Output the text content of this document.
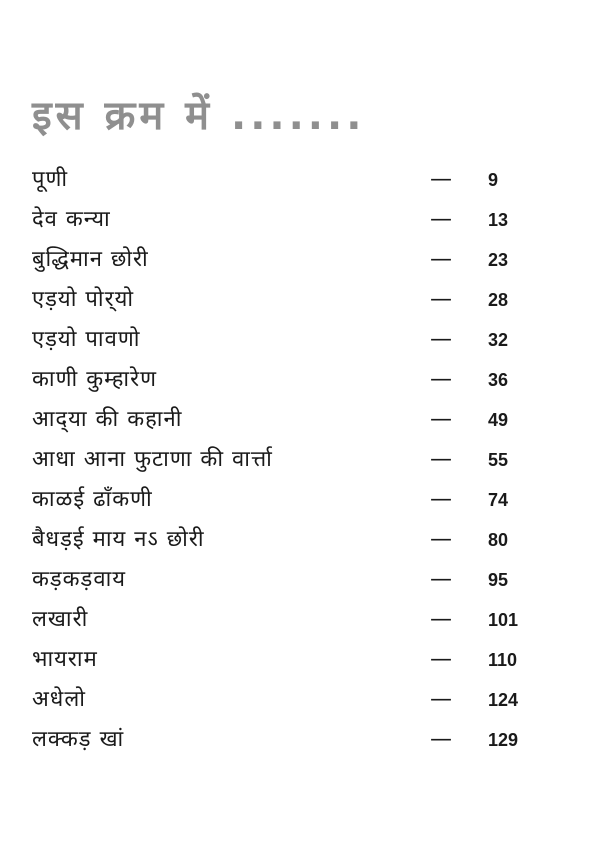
इस क्रम में .......
पूणी	— 9
देव कन्या	— 13
बुद्धिमान छोरी	— 23
एड़यो पोर्‌यो	— 28
एड़यो पावणो	— 32
काणी कुम्हारेण	— 36
आद्‌या की कहानी	— 49
आधा आना फुटाणा की वार्त्ता	— 55
काळई ढाँकणी	— 74
बैधड़ई माय नऽ छोरी	— 80
कड़कड़वाय	— 95
लखारी	— 101
भायराम	— 110
अधेलो	— 124
लक्कड़ खां	— 129
